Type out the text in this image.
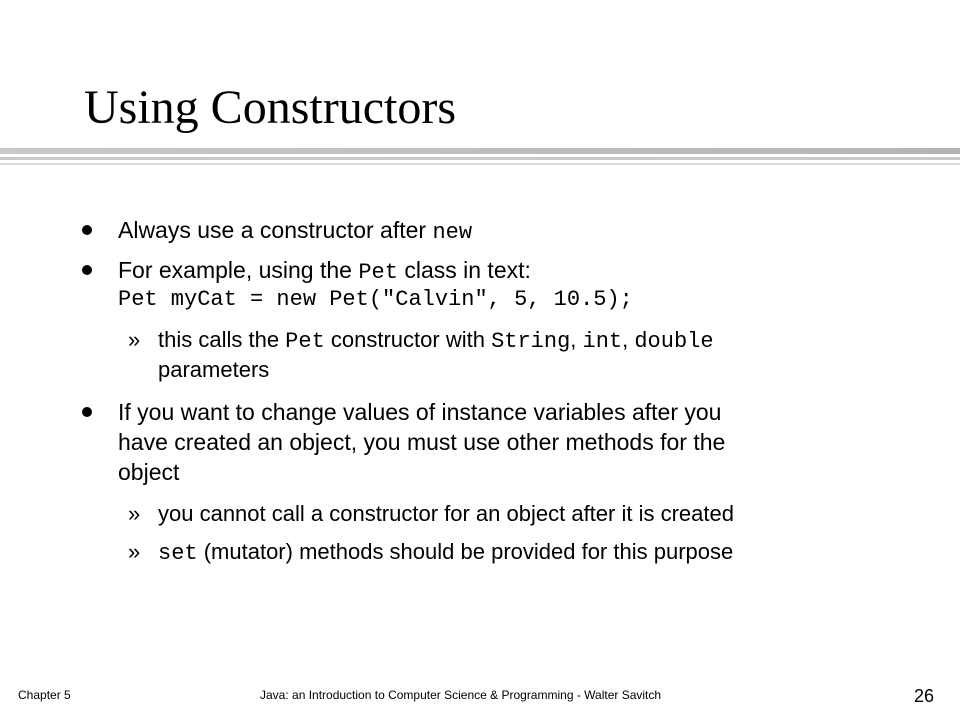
Using Constructors
Always use a constructor after new
For example, using the Pet class in text:
Pet myCat = new Pet("Calvin", 5, 10.5);
» this calls the Pet constructor with String, int, double
parameters
If you want to change values of instance variables after you
have created an object, you must use other methods for the
object
» you cannot call a constructor for an object after it is created
» set (mutator) methods should be provided for this purpose
Chapter 5	Java: an Introduction to Computer Science & Programming - Walter Savitch	26
